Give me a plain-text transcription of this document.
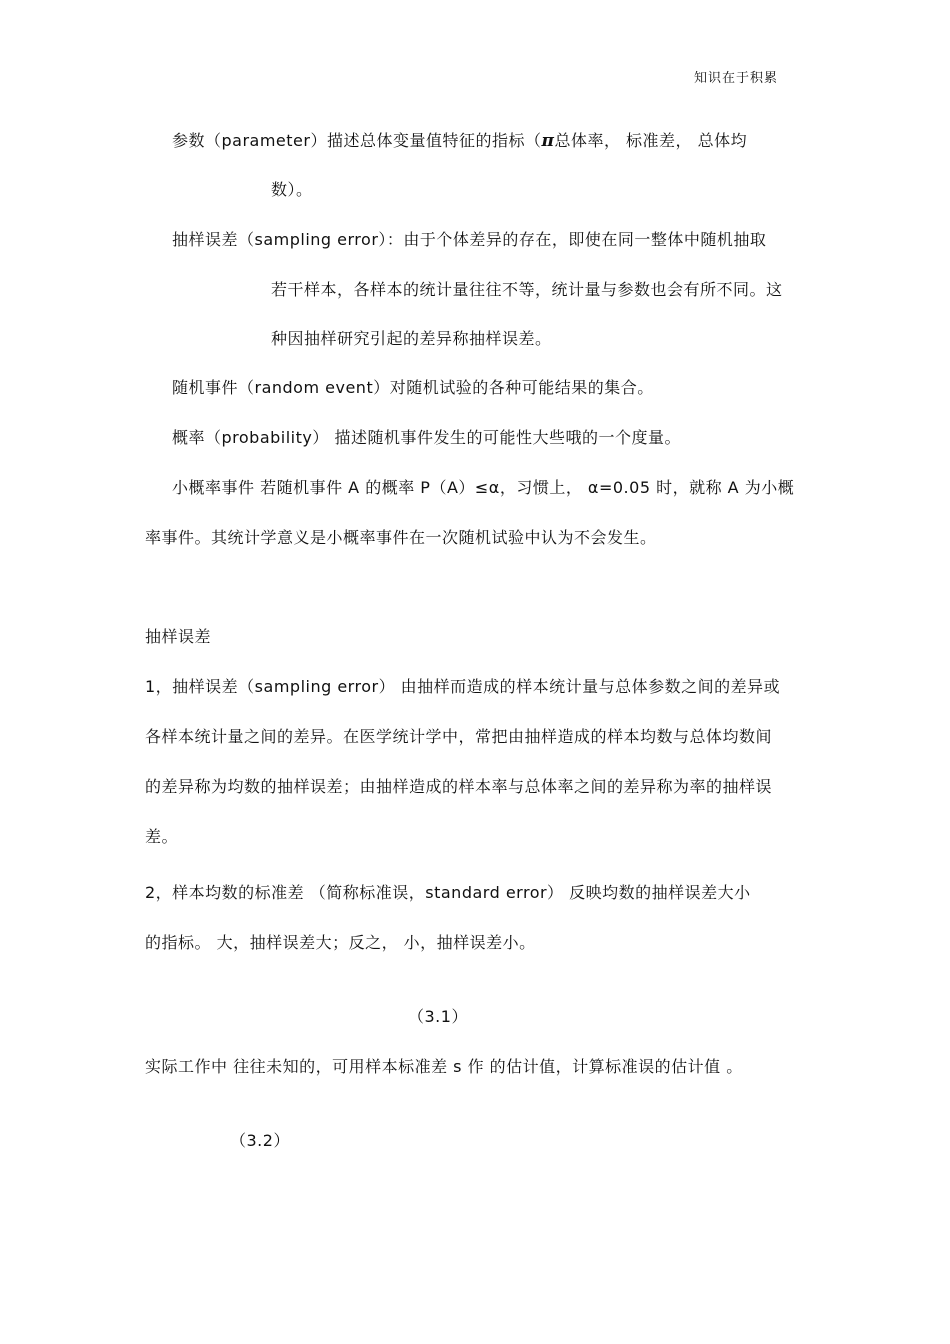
知识在于积累
参数（parameter）描述总体变量值特征的指标（π总体率， 标准差， 总体均
数）。
抽样误差（sampling error）：由于个体差异的存在，即使在同一整体中随机抽取
若干样本，各样本的统计量往往不等，统计量与参数也会有所不同。这
种因抽样研究引起的差异称抽样误差。
随机事件（random event）对随机试验的各种可能结果的集合。
概率（probability） 描述随机事件发生的可能性大些哦的一个度量。
小概率事件 若随机事件 A 的概率 P（A）≤α，习惯上， α=0.05 时，就称 A 为小概
率事件。其统计学意义是小概率事件在一次随机试验中认为不会发生。
抽样误差
1，抽样误差（sampling error） 由抽样而造成的样本统计量与总体参数之间的差异或
各样本统计量之间的差异。在医学统计学中，常把由抽样造成的样本均数与总体均数间
的差异称为均数的抽样误差；由抽样造成的样本率与总体率之间的差异称为率的抽样误
差。
2，样本均数的标准差 （简称标准误，standard error） 反映均数的抽样误差大小
的指标。 大，抽样误差大；反之， 小，抽样误差小。
（3.1）
实际工作中 往往未知的，可用样本标准差 s 作 的估计值，计算标准误的估计值 。
（3.2）
